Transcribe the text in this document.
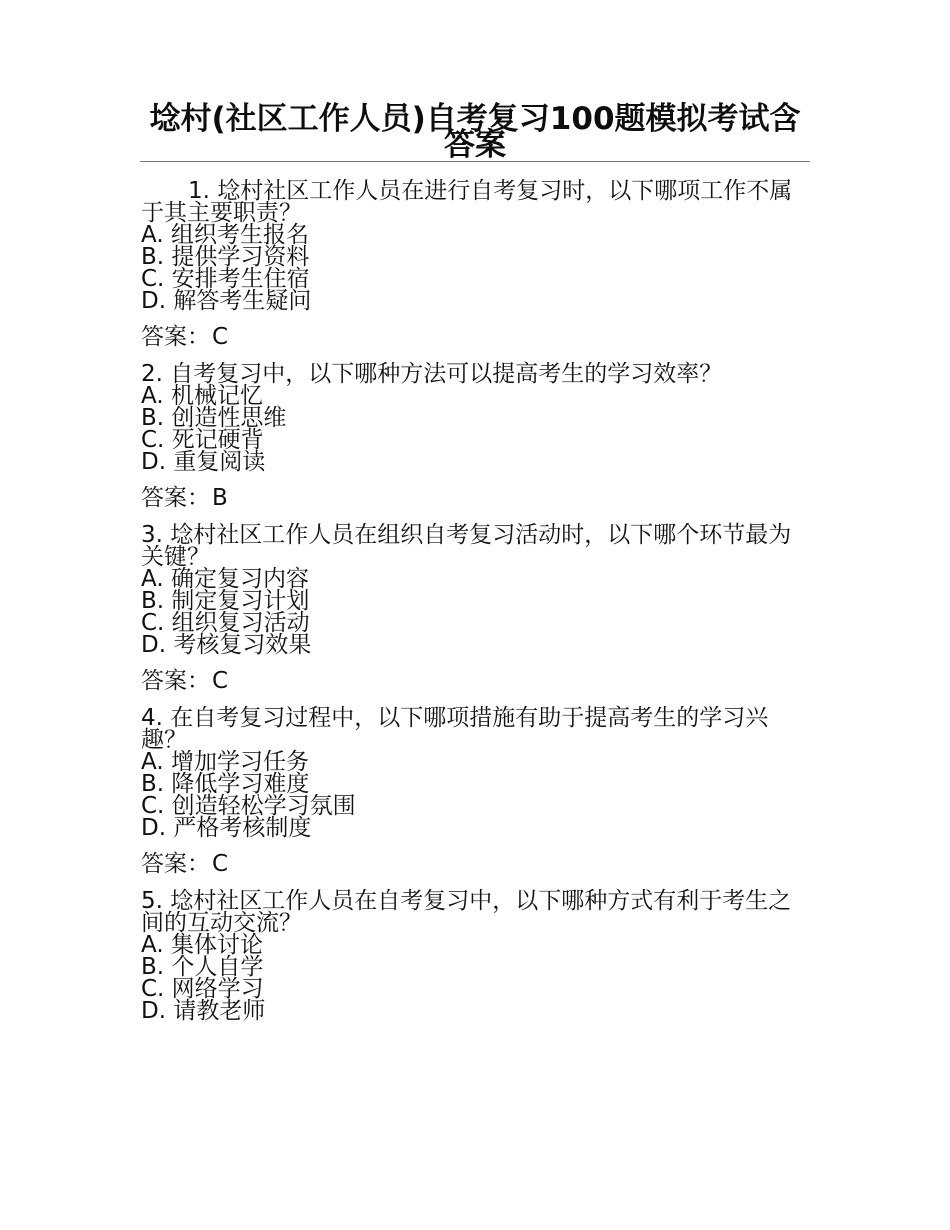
埝村(社区工作人员)自考复习100题模拟考试含答案

1. 埝村社区工作人员在进行自考复习时，以下哪项工作不属于其主要职责？

A. 组织考生报名

B. 提供学习资料

C. 安排考生住宿

D. 解答考生疑问

答案：C

2. 自考复习中，以下哪种方法可以提高考生的学习效率？

A. 机械记忆

B. 创造性思维

C. 死记硬背

D. 重复阅读

答案：B

3. 埝村社区工作人员在组织自考复习活动时，以下哪个环节最为关键？

A. 确定复习内容

B. 制定复习计划

C. 组织复习活动

D. 考核复习效果

答案：C

4. 在自考复习过程中，以下哪项措施有助于提高考生的学习兴趣？

A. 增加学习任务

B. 降低学习难度

C. 创造轻松学习氛围

D. 严格考核制度

答案：C

5. 埝村社区工作人员在自考复习中，以下哪种方式有利于考生之间的互动交流？

A. 集体讨论

B. 个人自学

C. 网络学习

D. 请教老师
